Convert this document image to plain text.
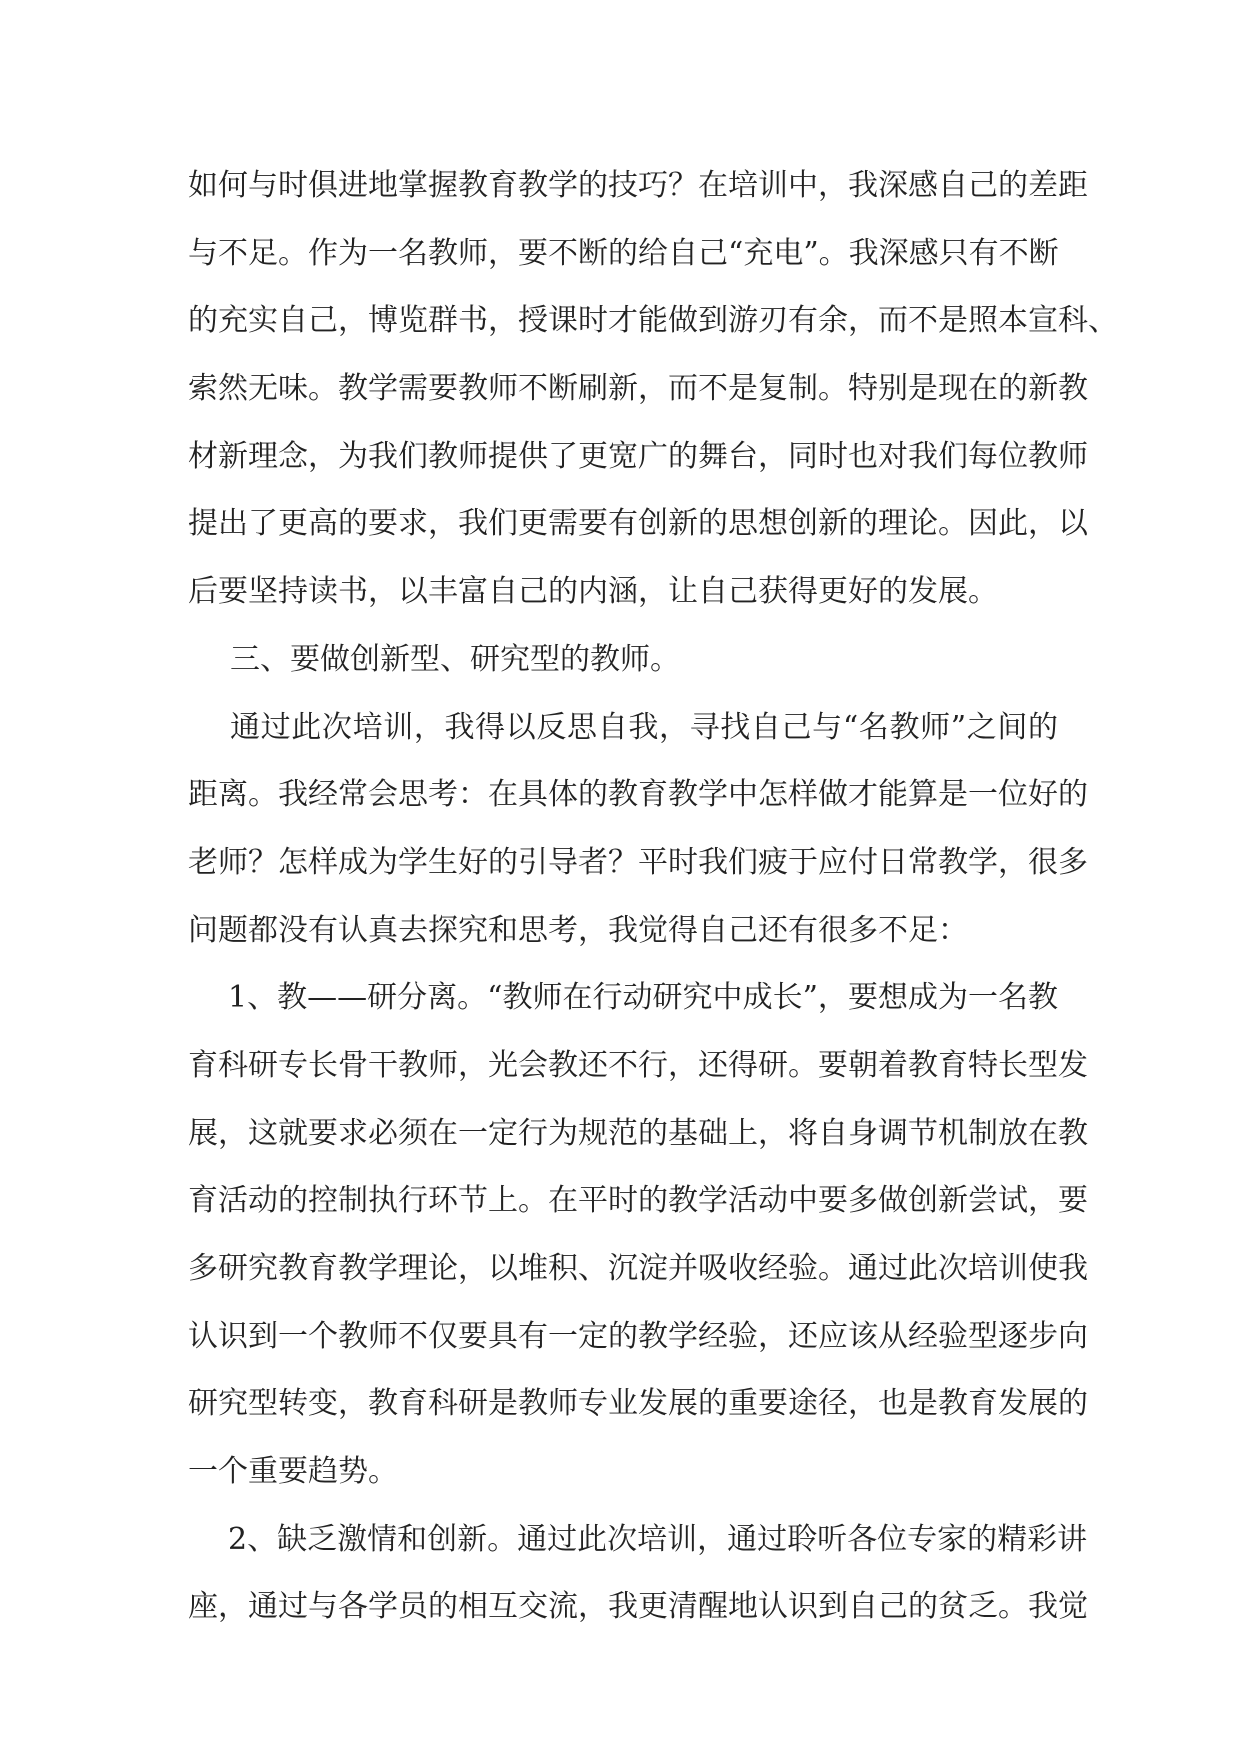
如何与时俱进地掌握教育教学的技巧？在培训中，我深感自己的差距
与不足。作为一名教师，要不断的给自己“充电”。我深感只有不断
的充实自己，博览群书，授课时才能做到游刃有余，而不是照本宣科、
索然无味。教学需要教师不断刷新，而不是复制。特别是现在的新教
材新理念，为我们教师提供了更宽广的舞台，同时也对我们每位教师
提出了更高的要求，我们更需要有创新的思想创新的理论。因此，以
后要坚持读书，以丰富自己的内涵，让自己获得更好的发展。

三、要做创新型、研究型的教师。

通过此次培训，我得以反思自我，寻找自己与“名教师”之间的
距离。我经常会思考：在具体的教育教学中怎样做才能算是一位好的
老师？怎样成为学生好的引导者？平时我们疲于应付日常教学，很多
问题都没有认真去探究和思考，我觉得自己还有很多不足：

1、教——研分离。“教师在行动研究中成长”，要想成为一名教
育科研专长骨干教师，光会教还不行，还得研。要朝着教育特长型发
展，这就要求必须在一定行为规范的基础上，将自身调节机制放在教
育活动的控制执行环节上。在平时的教学活动中要多做创新尝试，要
多研究教育教学理论，以堆积、沉淀并吸收经验。通过此次培训使我
认识到一个教师不仅要具有一定的教学经验，还应该从经验型逐步向
研究型转变，教育科研是教师专业发展的重要途径，也是教育发展的
一个重要趋势。

2、缺乏激情和创新。通过此次培训，通过聆听各位专家的精彩讲
座，通过与各学员的相互交流，我更清醒地认识到自己的贫乏。我觉
